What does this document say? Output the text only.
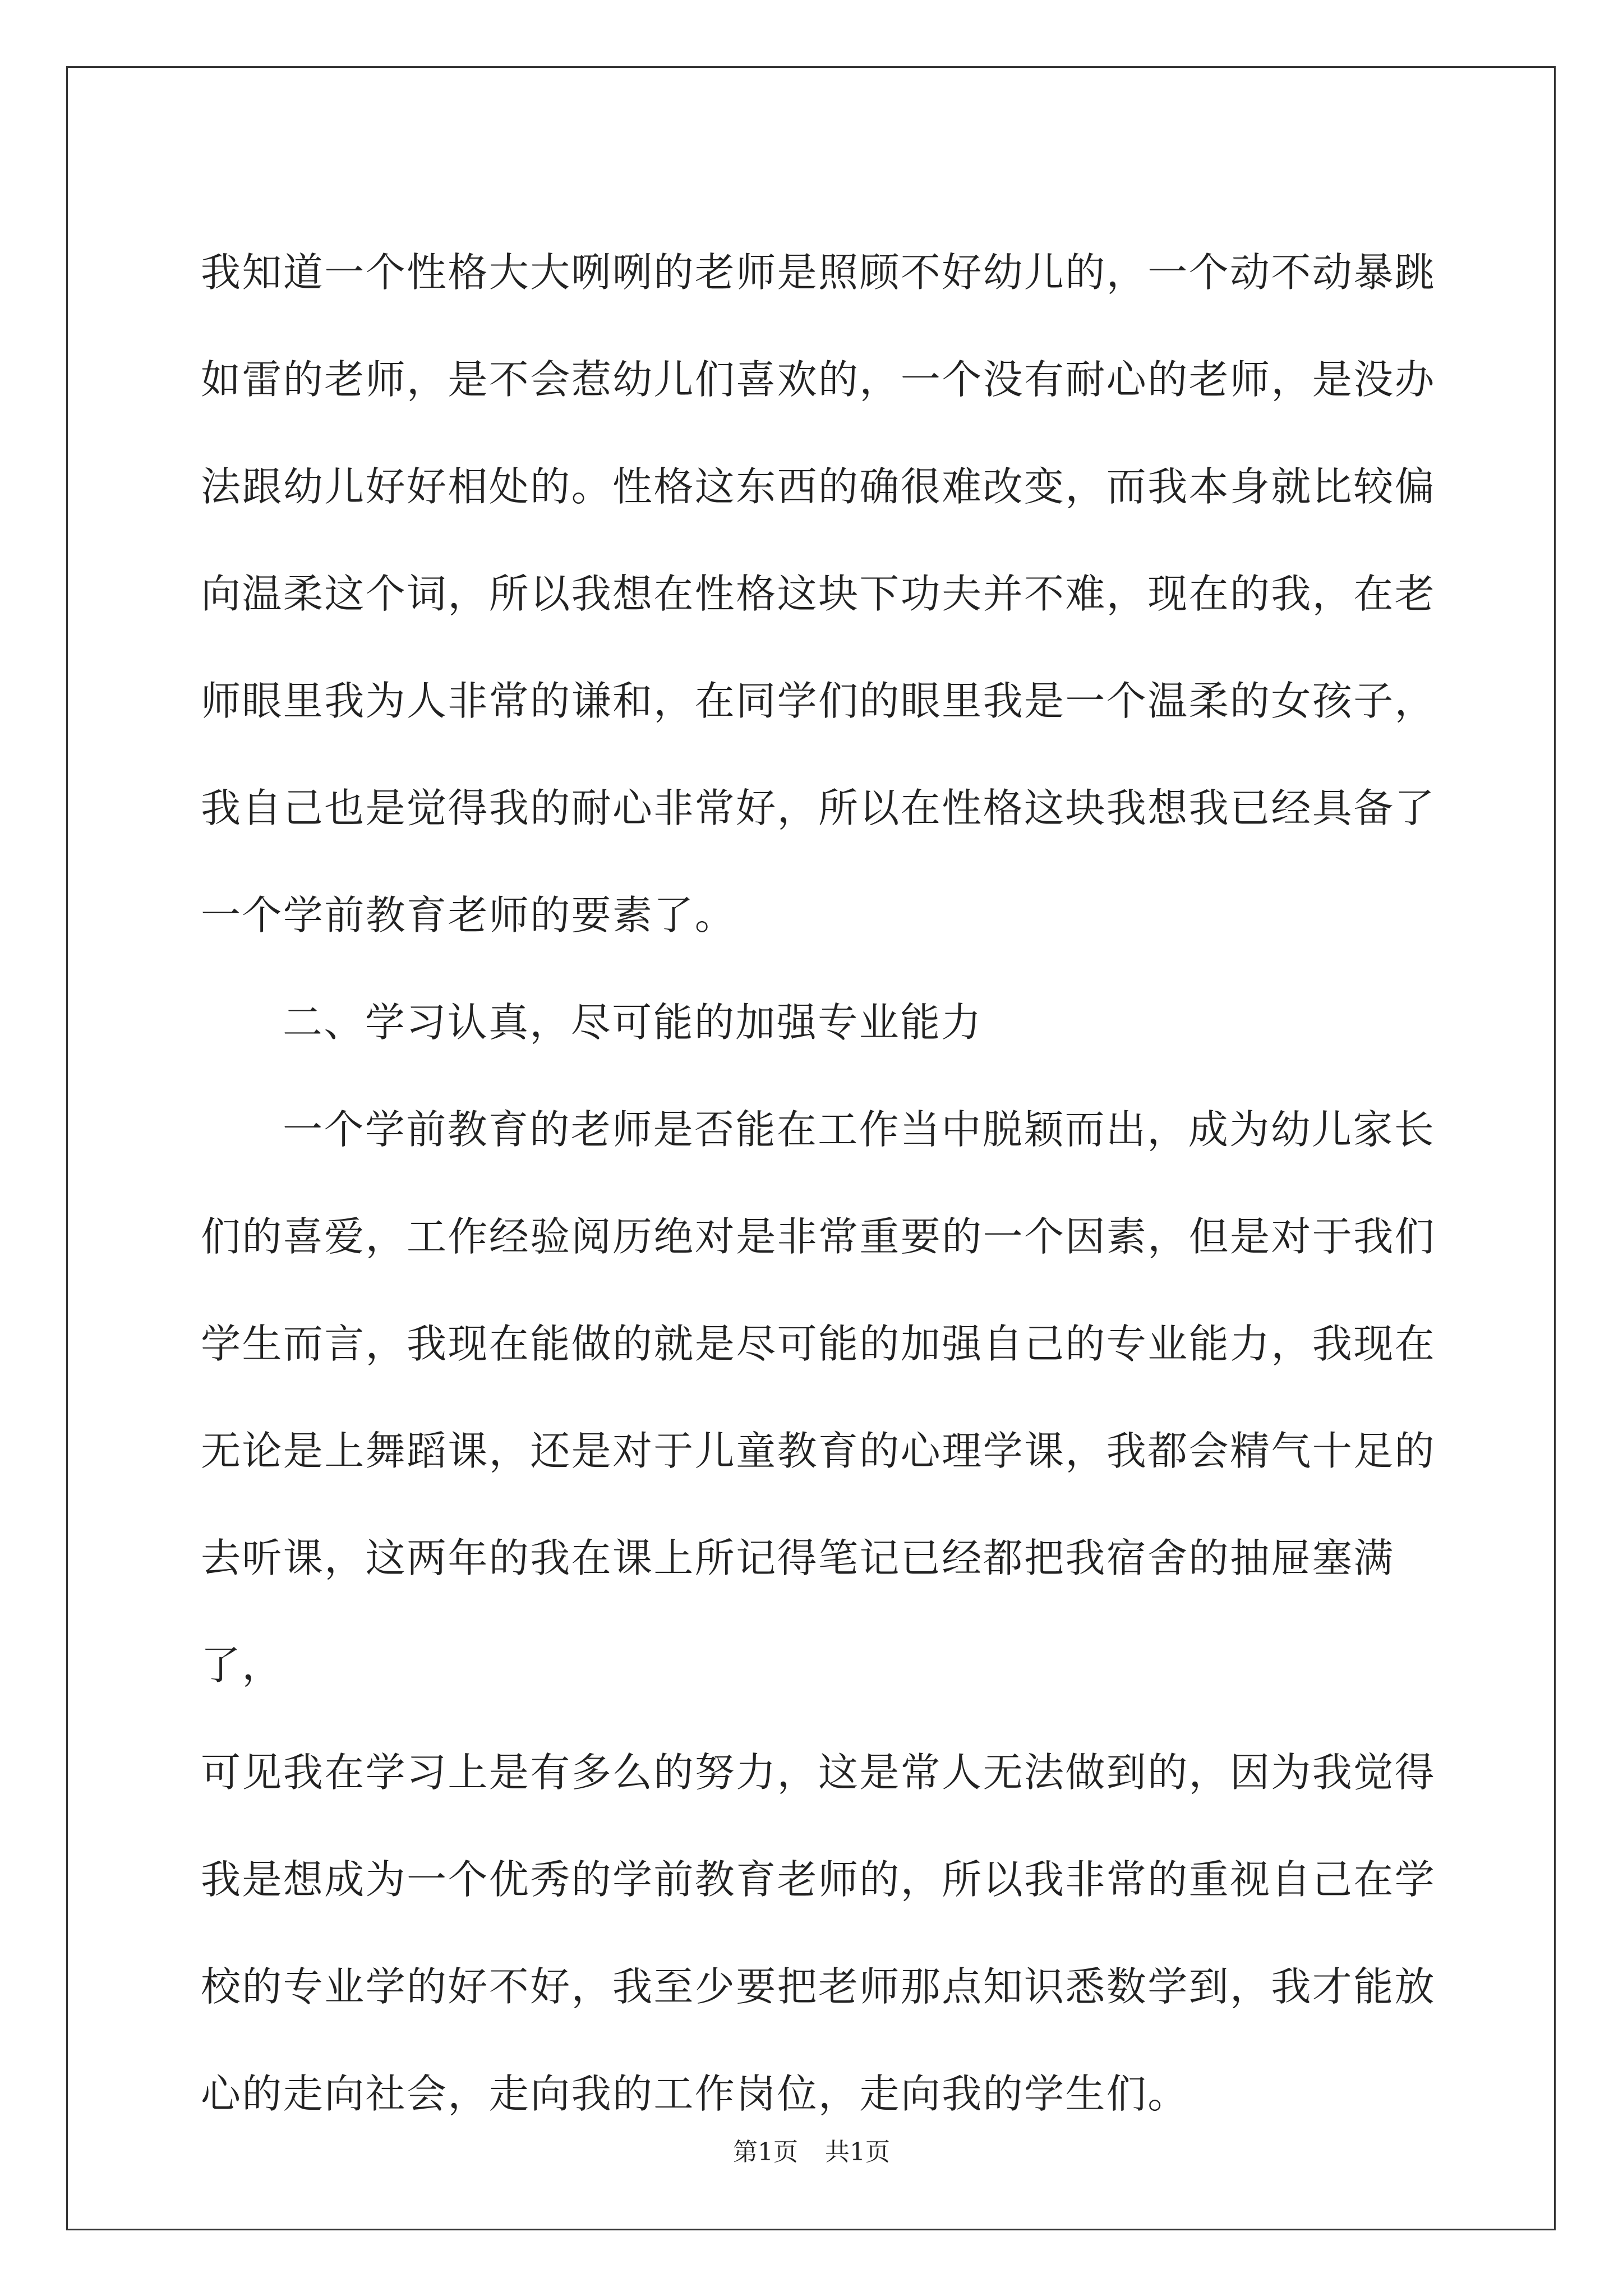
我知道一个性格大大咧咧的老师是照顾不好幼儿的，一个动不动暴跳

如雷的老师，是不会惹幼儿们喜欢的，一个没有耐心的老师，是没办

法跟幼儿好好相处的。性格这东西的确很难改变，而我本身就比较偏

向温柔这个词，所以我想在性格这块下功夫并不难，现在的我，在老

师眼里我为人非常的谦和，在同学们的眼里我是一个温柔的女孩子，

我自己也是觉得我的耐心非常好，所以在性格这块我想我已经具备了

一个学前教育老师的要素了。

二、学习认真，尽可能的加强专业能力

一个学前教育的老师是否能在工作当中脱颖而出，成为幼儿家长

们的喜爱，工作经验阅历绝对是非常重要的一个因素，但是对于我们

学生而言，我现在能做的就是尽可能的加强自己的专业能力，我现在

无论是上舞蹈课，还是对于儿童教育的心理学课，我都会精气十足的

去听课，这两年的我在课上所记得笔记已经都把我宿舍的抽屉塞满了，

可见我在学习上是有多么的努力，这是常人无法做到的，因为我觉得

我是想成为一个优秀的学前教育老师的，所以我非常的重视自己在学

校的专业学的好不好，我至少要把老师那点知识悉数学到，我才能放

心的走向社会，走向我的工作岗位，走向我的学生们。

第1页 共1页
